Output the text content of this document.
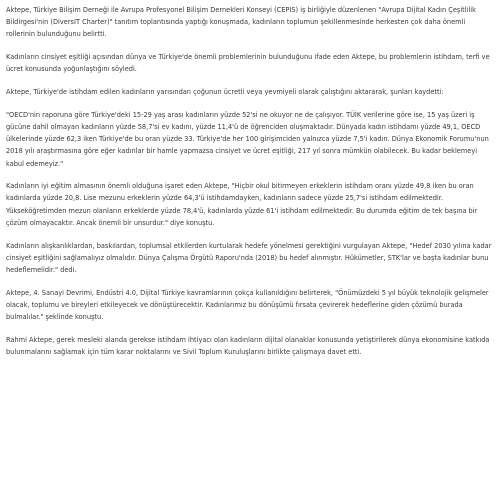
Aktepe, Türkiye Bilişim Derneği ile Avrupa Profesyonel Bilişim Dernekleri Konseyi (CEPIS) iş birliğiyle düzenlenen "Avrupa Dijital Kadın Çeşitlilik Bildirgesi'nin (DiversIT Charter)" tanıtım toplantısında yaptığı konuşmada, kadınların toplumun şekillenmesinde herkesten çok daha önemli rollerinin bulunduğunu belirtti.

Kadınların cinsiyet eşitliği açısından dünya ve Türkiye'de önemli problemlerinin bulunduğunu ifade eden Aktepe, bu problemlerin istihdam, terfi ve ücret konusunda yoğunlaştığını söyledi.

Aktepe, Türkiye'de istihdam edilen kadınların yarısından çoğunun ücretli veya yevmiyeli olarak çalıştığını aktararak, şunları kaydetti:

"OECD'nin raporuna göre Türkiye'deki 15-29 yaş arası kadınların yüzde 52'si ne okuyor ne de çalışıyor. TÜİK verilerine göre ise, 15 yaş üzeri iş gücüne dahil olmayan kadınların yüzde 58,7'si ev kadını, yüzde 11,4'ü de öğrenciden oluşmaktadır. Dünyada kadın istihdamı yüzde 49,1, OECD ülkelerinde yüzde 62,3 iken Türkiye'de bu oran yüzde 33. Türkiye'de her 100 girişimciden yalnızca yüzde 7,5'i kadın. Dünya Ekonomik Forumu'nun 2018 yılı araştırmasına göre eğer kadınlar bir hamle yapmazsa cinsiyet ve ücret eşitliği, 217 yıl sonra mümkün olabilecek. Bu kadar beklemeyi kabul edemeyiz."

Kadınların iyi eğitim almasının önemli olduğuna işaret eden Aktepe, "Hiçbir okul bitirmeyen erkeklerin istihdam oranı yüzde 49,8 iken bu oran kadınlarda yüzde 20,8. Lise mezunu erkeklerin yüzde 64,3'ü istihdamdayken, kadınların sadece yüzde 25,7'si istihdam edilmektedir. Yükseköğretimden mezun olanların erkeklerde yüzde 78,4'ü, kadınlarda yüzde 61'i istihdam edilmektedir. Bu durumda eğitim de tek başına bir çözüm olmayacaktır. Ancak önemli bir unsurdur." diye konuştu.

Kadınların alışkanlıklardan, baskılardan, toplumsal etkilerden kurtularak hedefe yönelmesi gerektiğini vurgulayan Aktepe, "Hedef 2030 yılına kadar cinsiyet eşitliğini sağlamalıyız olmalıdır. Dünya Çalışma Örgütü Raporu'nda (2018) bu hedef alınmıştır. Hükümetler, STK'lar ve başta kadınlar bunu hedeflemelidir." dedi.

Aktepe, 4. Sanayi Devrimi, Endüstri 4.0, Dijital Türkiye kavramlarının çokça kullanıldığını belirterek, "Önümüzdeki 5 yıl büyük teknolojik gelişmeler olacak, toplumu ve bireyleri etkileyecek ve dönüştürecektir. Kadınlarımız bu dönüşümü fırsata çevirerek hedeflerine giden çözümü burada bulmalılar." şeklinde konuştu.

Rahmi Aktepe, gerek mesleki alanda gerekse istihdam ihtiyacı olan kadınların dijital olanaklar konusunda yetiştirilerek dünya ekonomisine katkıda bulunmalarını sağlamak için tüm karar noktalarını ve Sivil Toplum Kuruluşlarını birlikte çalışmaya davet etti.
